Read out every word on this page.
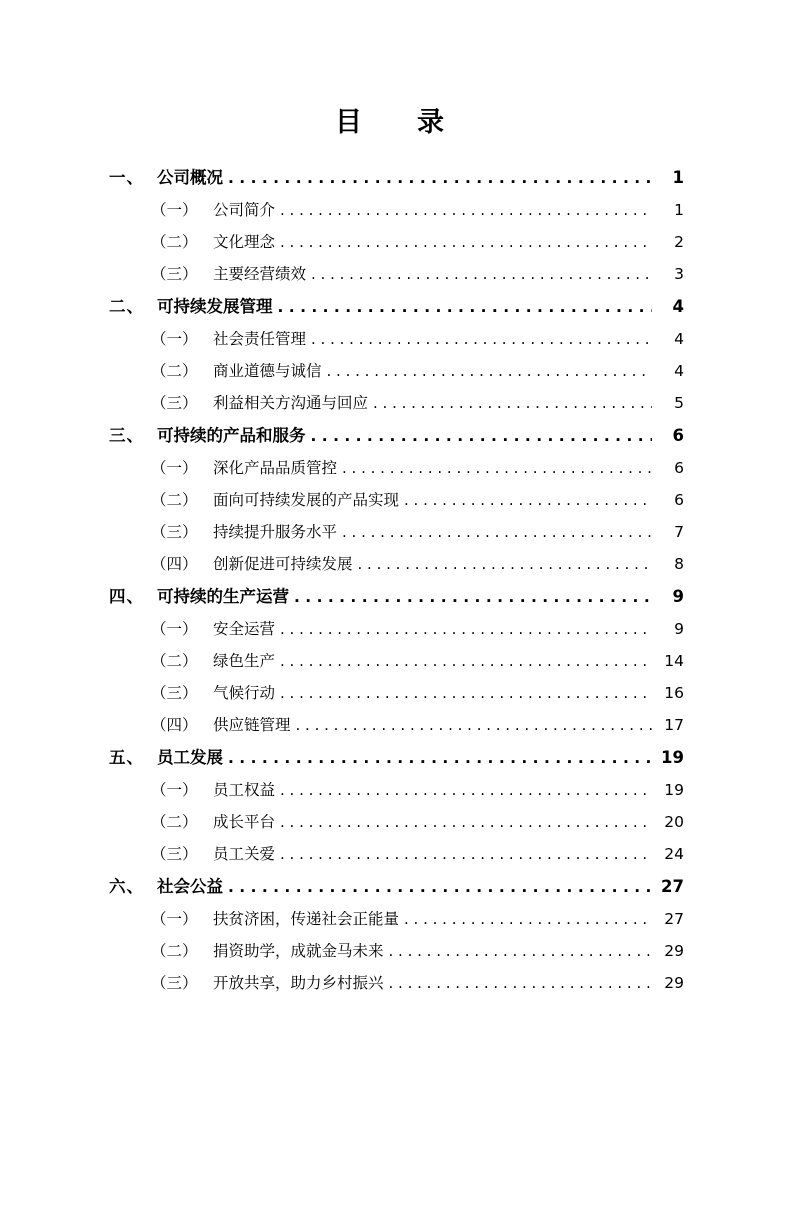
目　录
一、 公司概况 . . .	1
（一） 公司简介 . . .	1
（二） 文化理念 . . .	2
（三） 主要经营绩效 . . .	3
二、 可持续发展管理 . . .	4
（一） 社会责任管理 . . .	4
（二） 商业道德与诚信 . . .	4
（三） 利益相关方沟通与回应 . . .	5
三、 可持续的产品和服务 . . .	6
（一） 深化产品品质管控 . . .	6
（二） 面向可持续发展的产品实现 . . .	6
（三） 持续提升服务水平 . . .	7
（四） 创新促进可持续发展 . . .	8
四、 可持续的生产运营 . . .	9
（一） 安全运营 . . .	9
（二） 绿色生产 . . .	14
（三） 气候行动 . . .	16
（四） 供应链管理 . . .	17
五、 员工发展 . . .	19
（一） 员工权益 . . .	19
（二） 成长平台 . . .	20
（三） 员工关爱 . . .	24
六、 社会公益 . . .	27
（一） 扶贫济困，传递社会正能量 . . .	27
（二） 捐资助学，成就金马未来 . . .	29
（三） 开放共享，助力乡村振兴 . . .	29
